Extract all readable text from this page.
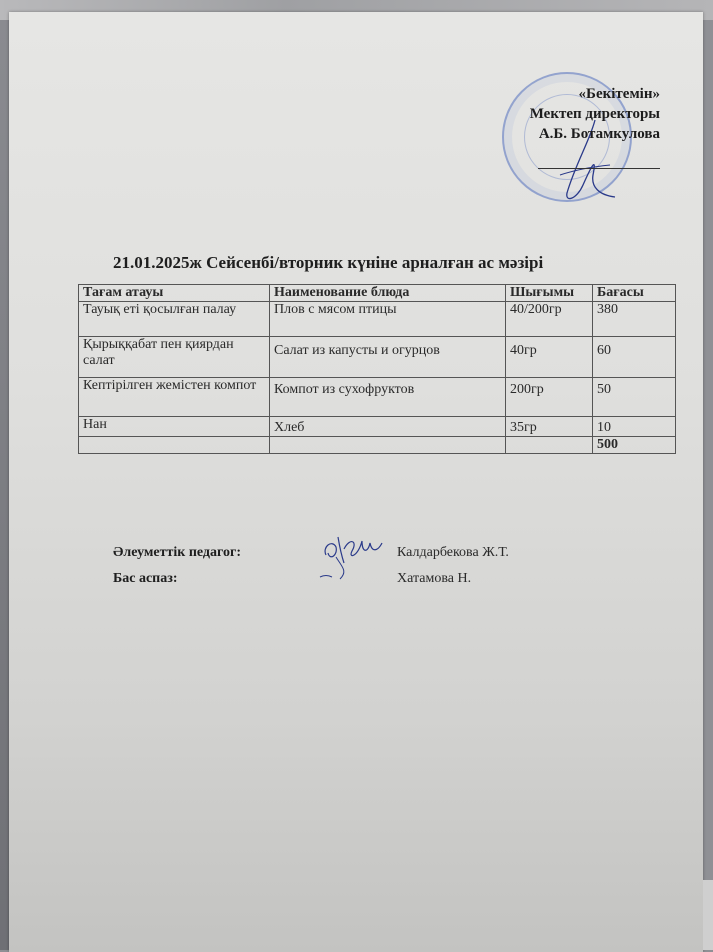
«Бекітемін»
Мектеп директоры
А.Б. Ботамкулова
21.01.2025ж Сейсенбі/вторник күніне арналған ас мәзірі
Тағам атауы	Наименование блюда	Шығымы	Бағасы
Тауық еті қосылған палау	Плов с мясом птицы	40/200гр	380
Қырыққабат пен қиярдан салат	Салат из капусты и огурцов	40гр	60
Кептірілген жемістен компот	Компот из сухофруктов	200гр	50
Нан	Хлеб	35гр	10
			500
Әлеуметтік педагог:	Калдарбекова Ж.Т.
Бас аспаз:	Хатамова Н.
